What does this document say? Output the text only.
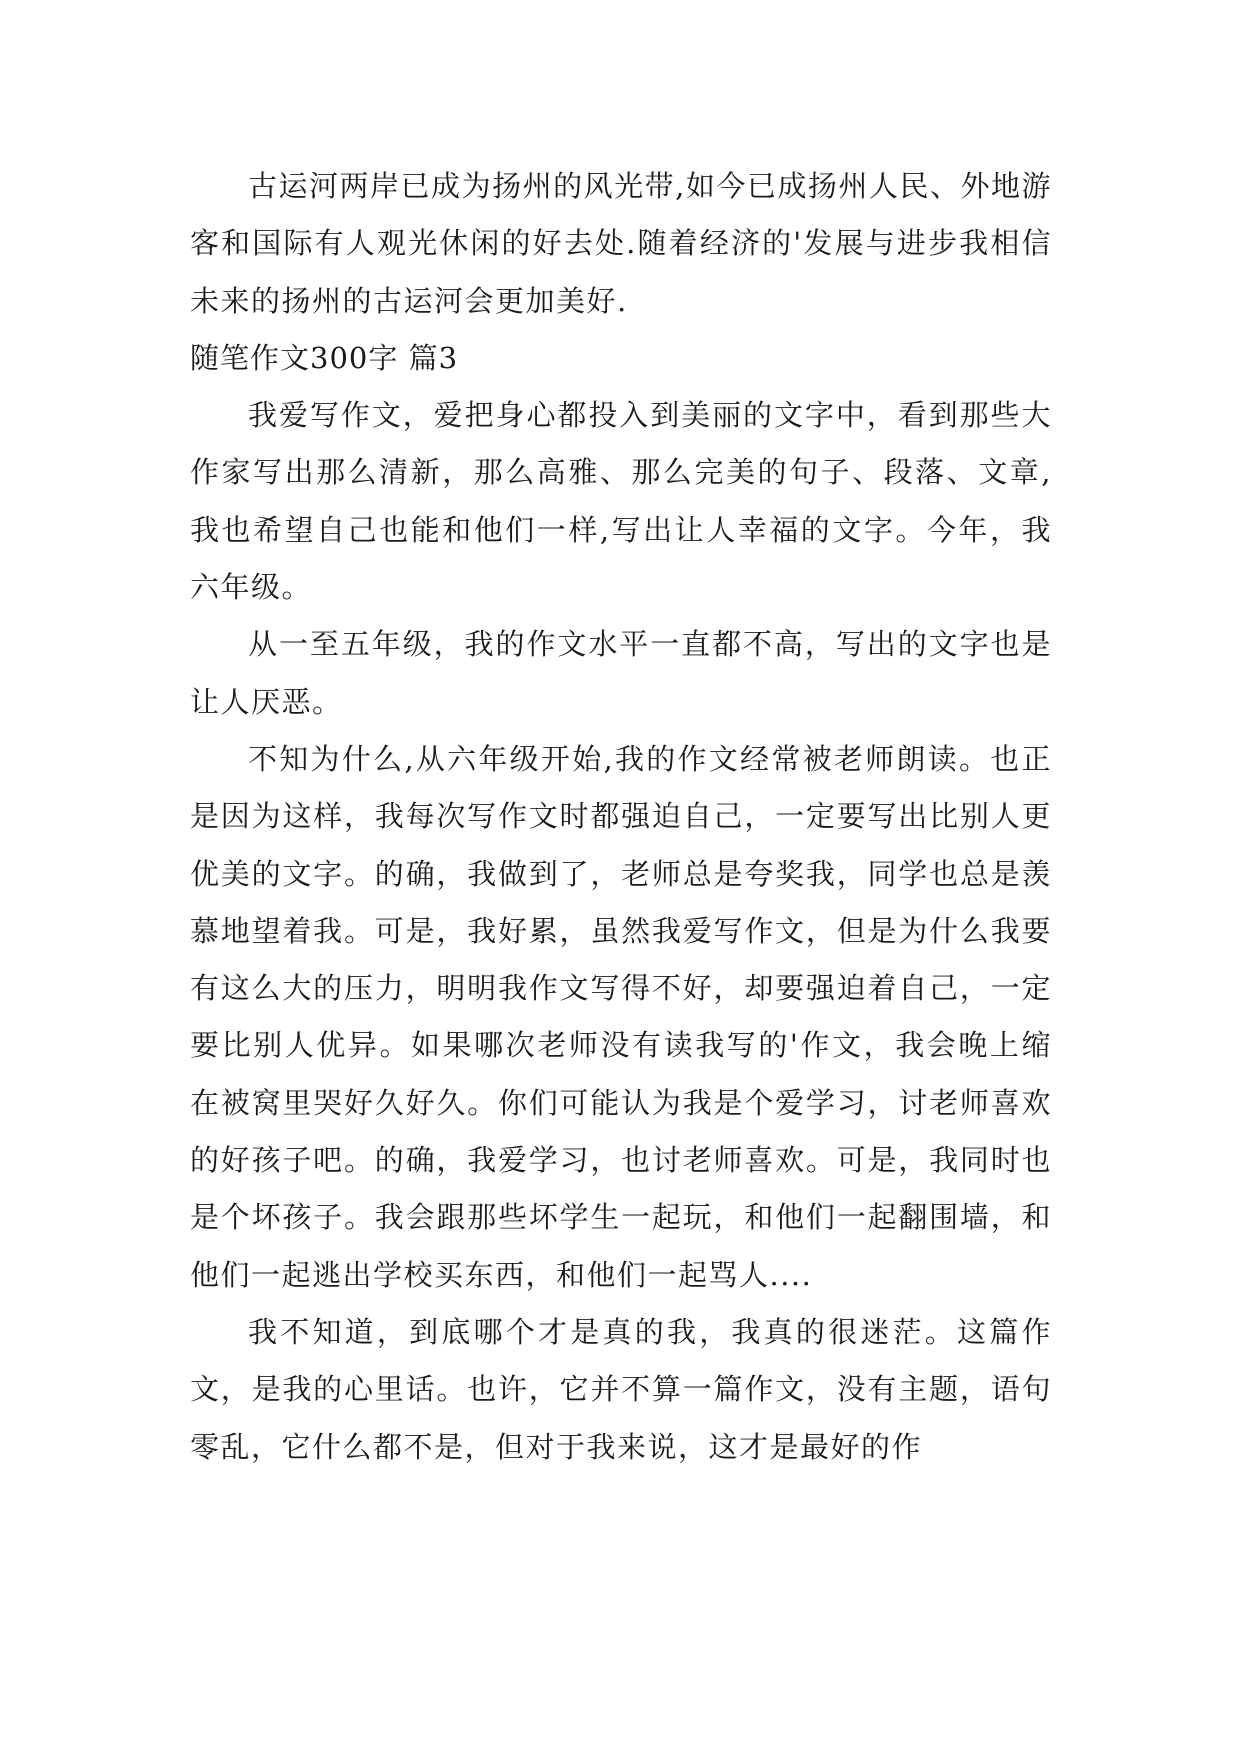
古运河两岸已成为扬州的风光带,如今已成扬州人民、外地游客和国际有人观光休闲的好去处.随着经济的'发展与进步我相信未来的扬州的古运河会更加美好.

随笔作文300字 篇3

我爱写作文，爱把身心都投入到美丽的文字中，看到那些大作家写出那么清新，那么高雅、那么完美的句子、段落、文章,我也希望自己也能和他们一样,写出让人幸福的文字。今年，我六年级。

从一至五年级，我的作文水平一直都不高，写出的文字也是让人厌恶。

不知为什么,从六年级开始,我的作文经常被老师朗读。也正是因为这样，我每次写作文时都强迫自己，一定要写出比别人更优美的文字。的确，我做到了，老师总是夸奖我，同学也总是羡慕地望着我。可是，我好累，虽然我爱写作文，但是为什么我要有这么大的压力，明明我作文写得不好，却要强迫着自己，一定要比别人优异。如果哪次老师没有读我写的'作文，我会晚上缩在被窝里哭好久好久。你们可能认为我是个爱学习，讨老师喜欢的好孩子吧。的确，我爱学习，也讨老师喜欢。可是，我同时也是个坏孩子。我会跟那些坏学生一起玩，和他们一起翻围墙，和他们一起逃出学校买东西，和他们一起骂人....

我不知道，到底哪个才是真的我，我真的很迷茫。这篇作文，是我的心里话。也许，它并不算一篇作文，没有主题，语句零乱，它什么都不是，但对于我来说，这才是最好的作
